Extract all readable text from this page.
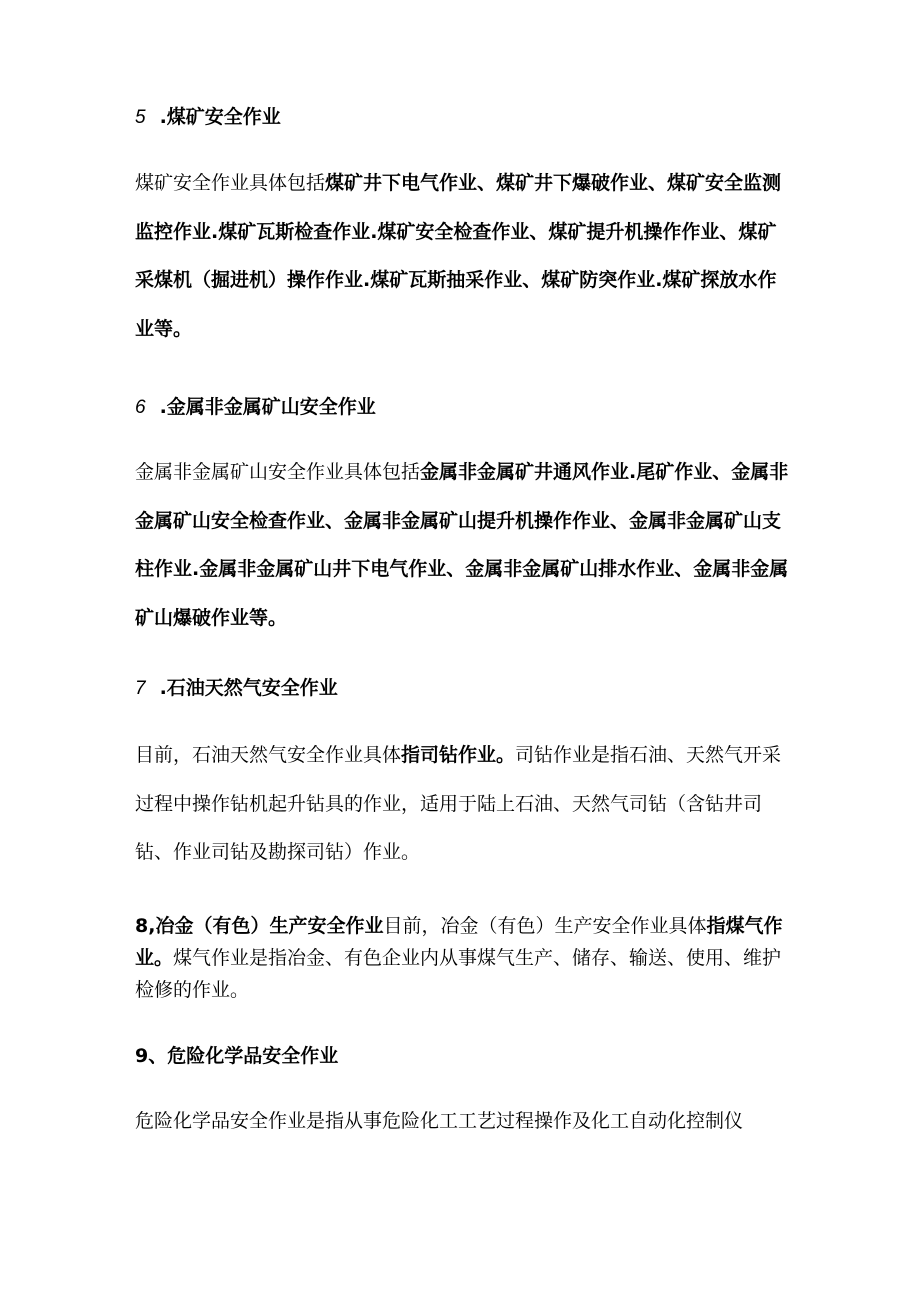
5 .煤矿安全作业

煤矿安全作业具体包括煤矿井下电气作业、煤矿井下爆破作业、煤矿安全监测监控作业.煤矿瓦斯检查作业.煤矿安全检查作业、煤矿提升机操作作业、煤矿采煤机（掘进机）操作作业.煤矿瓦斯抽采作业、煤矿防突作业.煤矿探放水作业等。

6 .金属非金属矿山安全作业

金属非金属矿山安全作业具体包括金属非金属矿井通风作业.尾矿作业、金属非金属矿山安全检查作业、金属非金属矿山提升机操作作业、金属非金属矿山支柱作业.金属非金属矿山井下电气作业、金属非金属矿山排水作业、金属非金属矿山爆破作业等。

7 .石油天然气安全作业

目前，石油天然气安全作业具体指司钻作业。司钻作业是指石油、天然气开采过程中操作钻机起升钻具的作业，适用于陆上石油、天然气司钻（含钻井司钻、作业司钻及勘探司钻）作业。

8,冶金（有色）生产安全作业目前，冶金（有色）生产安全作业具体指煤气作业。煤气作业是指冶金、有色企业内从事煤气生产、储存、输送、使用、维护检修的作业。

9、危险化学品安全作业

危险化学品安全作业是指从事危险化工工艺过程操作及化工自动化控制仪
